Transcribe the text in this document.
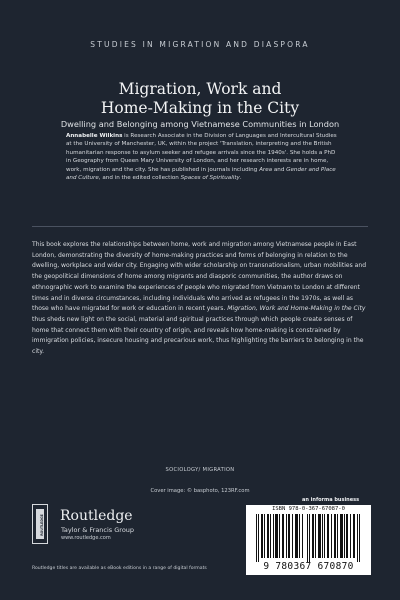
STUDIES IN MIGRATION AND DIASPORA
Migration, Work and
Home-Making in the City
Dwelling and Belonging among Vietnamese Communities in London
Annabelle Wilkins is Research Associate in the Division of Languages and Intercultural Studies at the University of Manchester, UK, within the project 'Translation, interpreting and the British humanitarian response to asylum seeker and refugee arrivals since the 1940s'. She holds a PhD in Geography from Queen Mary University of London, and her research interests are in home, work, migration and the city. She has published in journals including Area and Gender and Place and Culture, and in the edited collection Spaces of Spirituality.
This book explores the relationships between home, work and migration among Vietnamese people in East London, demonstrating the diversity of home-making practices and forms of belonging in relation to the dwelling, workplace and wider city. Engaging with wider scholarship on transnationalism, urban mobilities and the geopolitical dimensions of home among migrants and diasporic communities, the author draws on ethnographic work to examine the experiences of people who migrated from Vietnam to London at different times and in diverse circumstances, including individuals who arrived as refugees in the 1970s, as well as those who have migrated for work or education in recent years. Migration, Work and Home-Making in the City thus sheds new light on the social, material and spiritual practices through which people create senses of home that connect them with their country of origin, and reveals how home-making is constrained by immigration policies, insecure housing and precarious work, thus highlighting the barriers to belonging in the city.
SOCIOLOGY/ MIGRATION
Cover image: © basphoto, 123RF.com
ROUTLEDGE Routledge
Taylor & Francis Group
www.routledge.com
Routledge titles are available as eBook editions in a range of digital formats
an informa business
ISBN 978-0-367-67087-0
9 780367 670870
